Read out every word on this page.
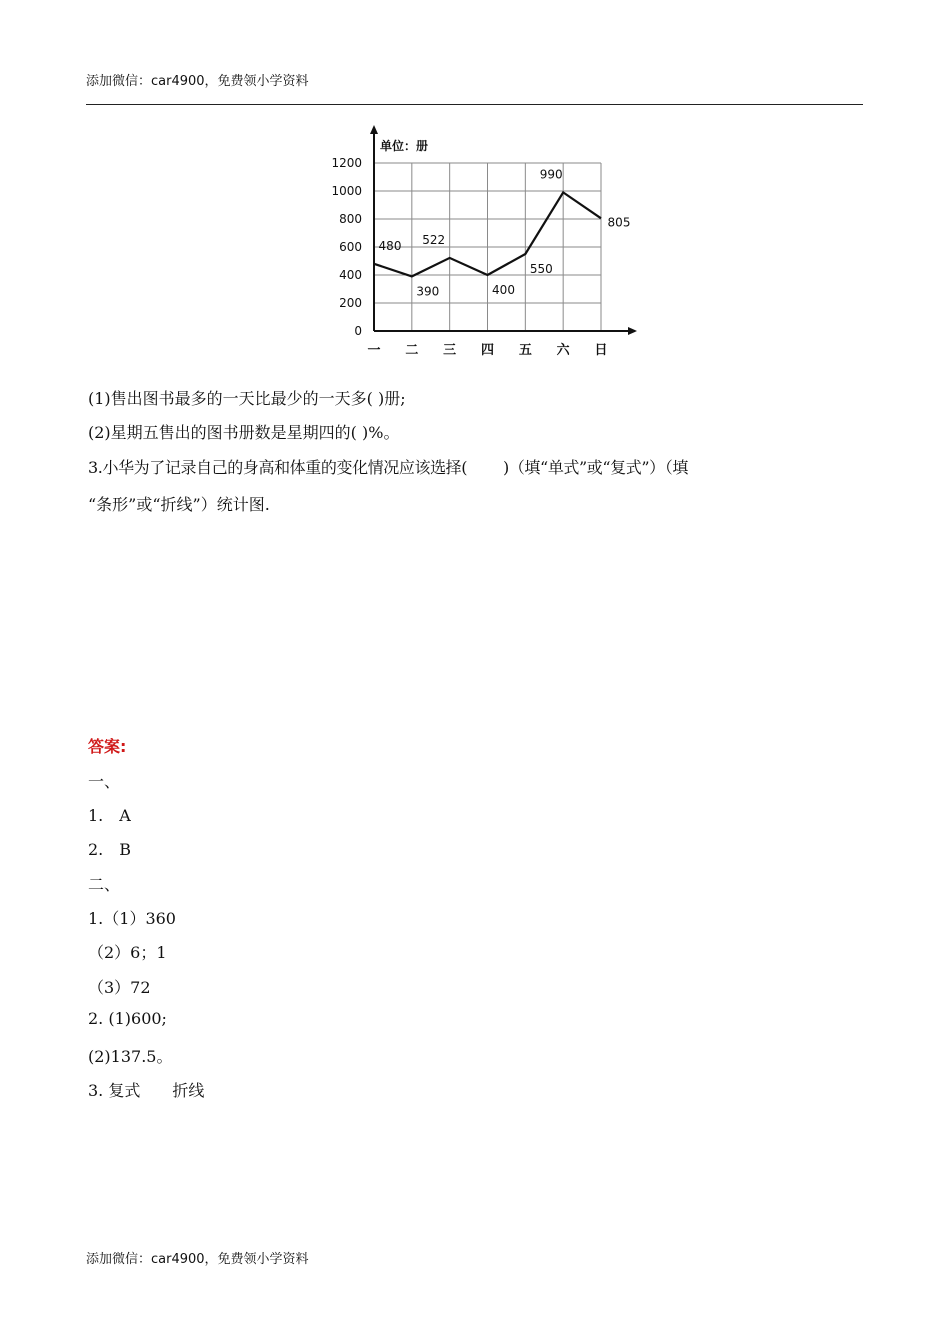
添加微信：car4900，免费领小学资料
单位：册
0
200
400
600
800
1000
1200
一 二 三 四 五 六 日
480
390
522
400
550
990
805
(1)售出图书最多的一天比最少的一天多( )册;
(2)星期五售出的图书册数是星期四的( )%。
3.小华为了记录自己的身高和体重的变化情况应该选择(　　 )（填“单式”或“复式”）（填
“条形”或“折线”）统计图.
答案:
一、
1.　A
2.　B
二、
1.（1）360
（2）6；1
（3）72
2. (1)600;
(2)137.5。
3. 复式　　折线
添加微信：car4900，免费领小学资料
